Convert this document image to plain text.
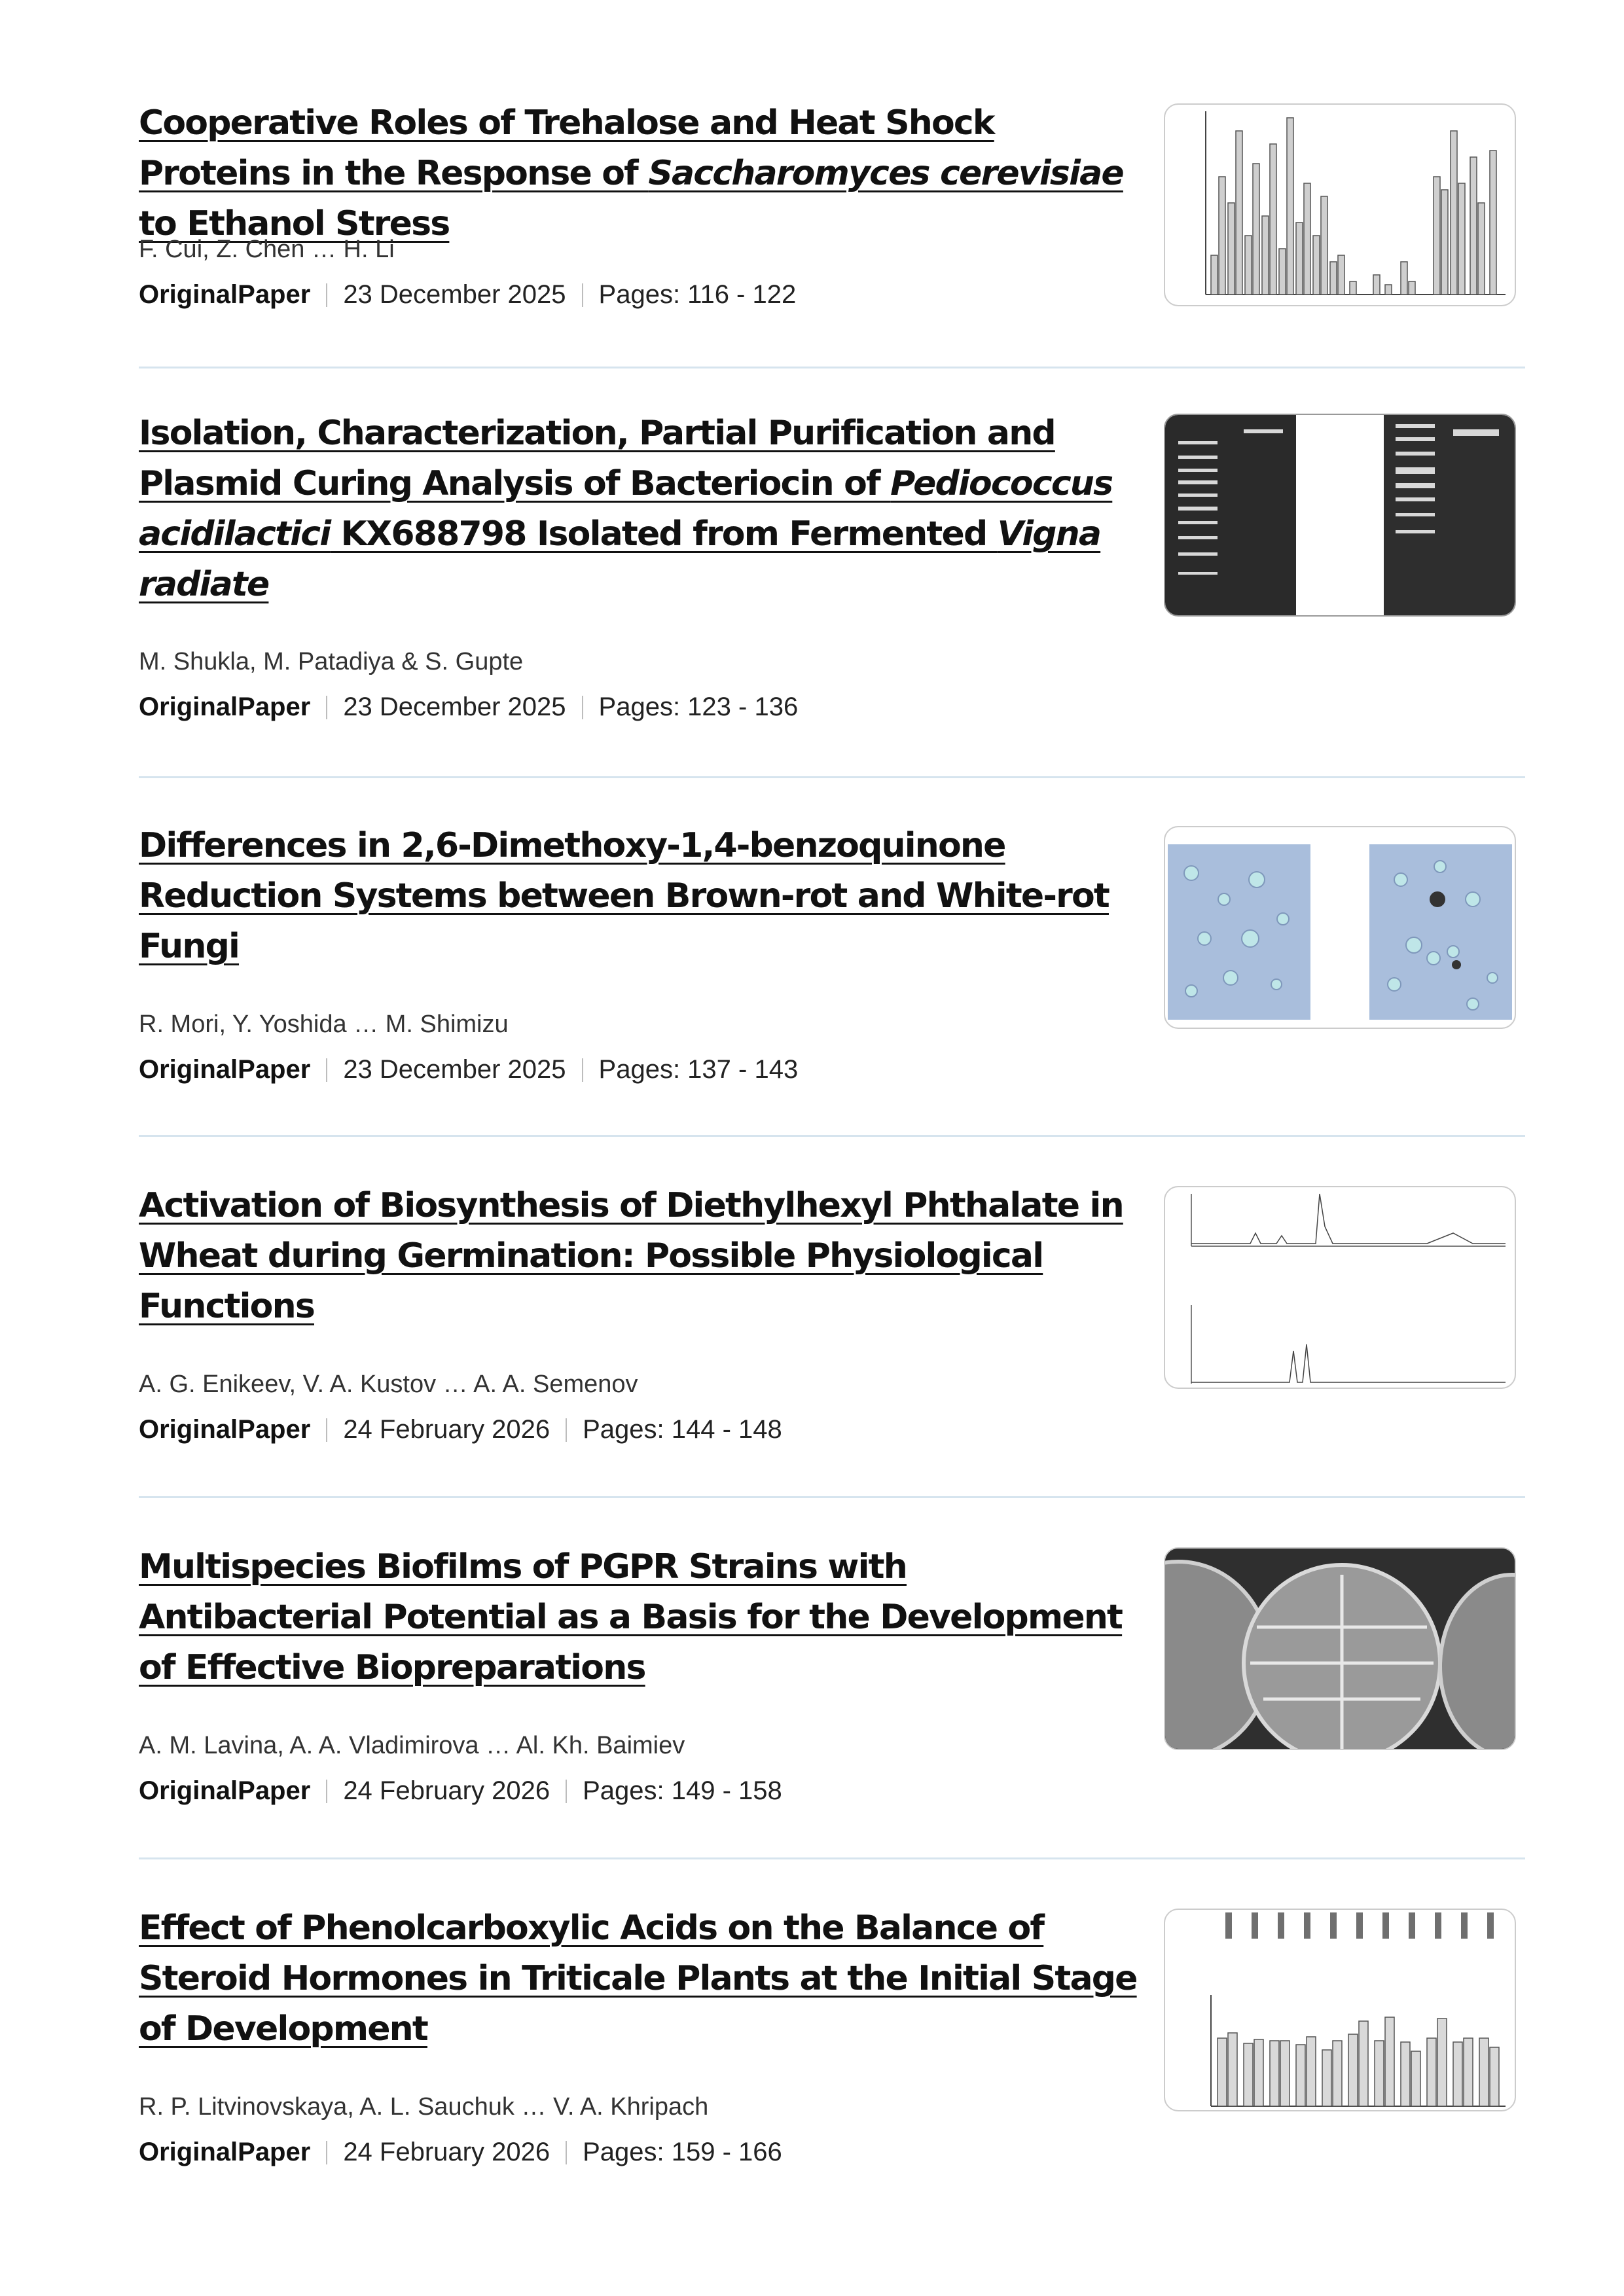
Cooperative Roles of Trehalose and Heat Shock Proteins in the Response of Saccharomyces cerevisiae to Ethanol Stress
F. Cui, Z. Chen … H. Li
OriginalPaper 23 December 2025 Pages: 116 - 122
Isolation, Characterization, Partial Purification and Plasmid Curing Analysis of Bacteriocin of Pediococcus acidilactici KX688798 Isolated from Fermented Vigna radiate
M. Shukla, M. Patadiya & S. Gupte
OriginalPaper 23 December 2025 Pages: 123 - 136
Differences in 2,6-Dimethoxy-1,4-benzoquinone Reduction Systems between Brown-rot and White-rot Fungi
R. Mori, Y. Yoshida … M. Shimizu
OriginalPaper 23 December 2025 Pages: 137 - 143
Activation of Biosynthesis of Diethylhexyl Phthalate in Wheat during Germination: Possible Physiological Functions
A. G. Enikeev, V. A. Kustov … A. A. Semenov
OriginalPaper 24 February 2026 Pages: 144 - 148
Multispecies Biofilms of PGPR Strains with Antibacterial Potential as a Basis for the Development of Effective Biopreparations
A. M. Lavina, A. A. Vladimirova … Al. Kh. Baimiev
OriginalPaper 24 February 2026 Pages: 149 - 158
Effect of Phenolcarboxylic Acids on the Balance of Steroid Hormones in Triticale Plants at the Initial Stage of Development
R. P. Litvinovskaya, A. L. Sauchuk … V. A. Khripach
OriginalPaper 24 February 2026 Pages: 159 - 166
